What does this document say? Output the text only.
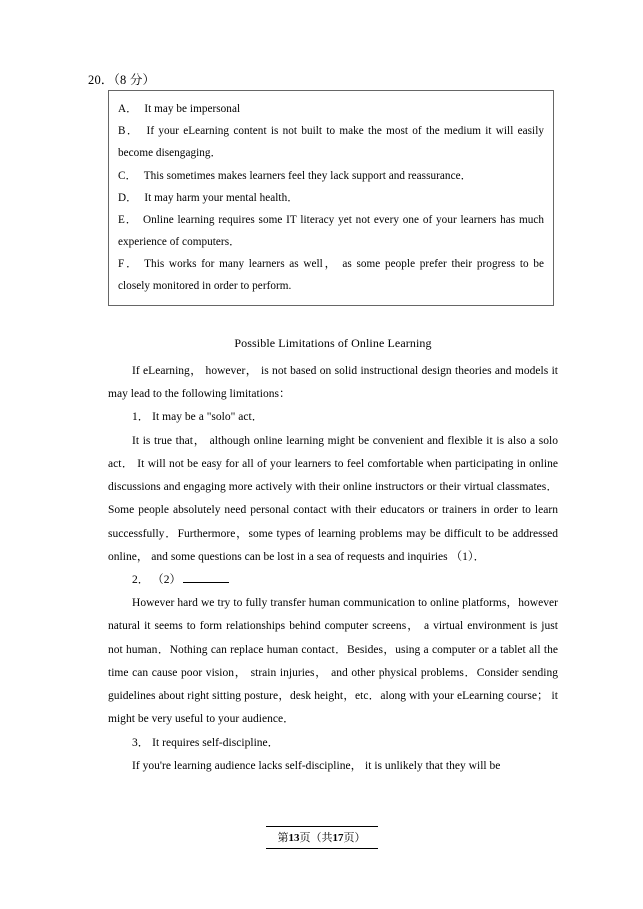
20．（8 分）

A． It may be impersonal

B． If your eLearning content is not built to make the most of the medium it will easily become disengaging．

C． This sometimes makes learners feel they lack support and reassurance．

D． It may harm your mental health．

E． Online learning requires some IT literacy yet not every one of your learners has much experience of computers．

F． This works for many learners as well， as some people prefer their progress to be closely monitored in order to perform.

Possible Limitations of Online Learning

If eLearning， however， is not based on solid instructional design theories and models it may lead to the following limitations：

1． It may be a "solo" act．

It is true that， although online learning might be convenient and flexible it is also a solo act． It will not be easy for all of your learners to feel comfortable when participating in online discussions and engaging more actively with their online instructors or their virtual classmates． Some people absolutely need personal contact with their educators or trainers in order to learn successfully．Furthermore，some types of learning problems may be difficult to be addressed online， and some questions can be lost in a sea of requests and inquiries （1）．

2． （2）

However hard we try to fully transfer human communication to online platforms，however natural it seems to form relationships behind computer screens， a virtual environment is just not human．Nothing can replace human contact．Besides，using a computer or a tablet all the time can cause poor vision， strain injuries， and other physical problems．Consider sending guidelines about right sitting posture，desk height，etc．along with your eLearning course； it might be very useful to your audience．

3． It requires self‐discipline．

If you're learning audience lacks self‐discipline， it is unlikely that they will be

第13页（共17页）
